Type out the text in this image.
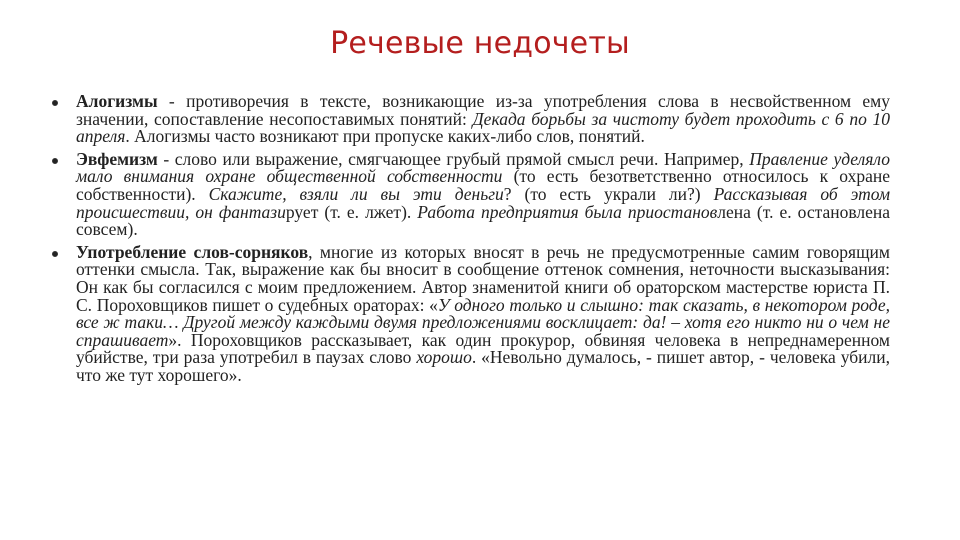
Речевые недочеты
Алогизмы - противоречия в тексте, возникающие из-за употребления слова в несвойственном ему значении, сопоставление несопоставимых понятий: Декада борьбы за чистоту будет проходить с 6 по 10 апреля. Алогизмы часто возникают при пропуске каких-либо слов, понятий.
Эвфемизм - слово или выражение, смягчающее грубый прямой смысл речи. Например, Правление уделяло мало внимания охране общественной собственности (то есть безответственно относилось к охране собственности). Скажите, взяли ли вы эти деньги? (то есть украли ли?) Рассказывая об этом происшествии, он фантазирует (т. е. лжет). Работа предприятия была приостановлена (т. е. остановлена совсем).
Употребление слов-сорняков, многие из которых вносят в речь не предусмотренные самим говорящим оттенки смысла. Так, выражение как бы вносит в сообщение оттенок сомнения, неточности высказывания: Он как бы согласился с моим предложением. Автор знаменитой книги об ораторском мастерстве юриста П. С. Пороховщиков пишет о судебных ораторах: «У одного только и слышно: так сказать, в некотором роде, все ж таки… Другой между каждыми двумя предложениями восклицает: да! – хотя его никто ни о чем не спрашивает». Пороховщиков рассказывает, как один прокурор, обвиняя человека в непреднамеренном убийстве, три раза употребил в паузах слово хорошо. «Невольно думалось, - пишет автор, - человека убили, что же тут хорошего».
